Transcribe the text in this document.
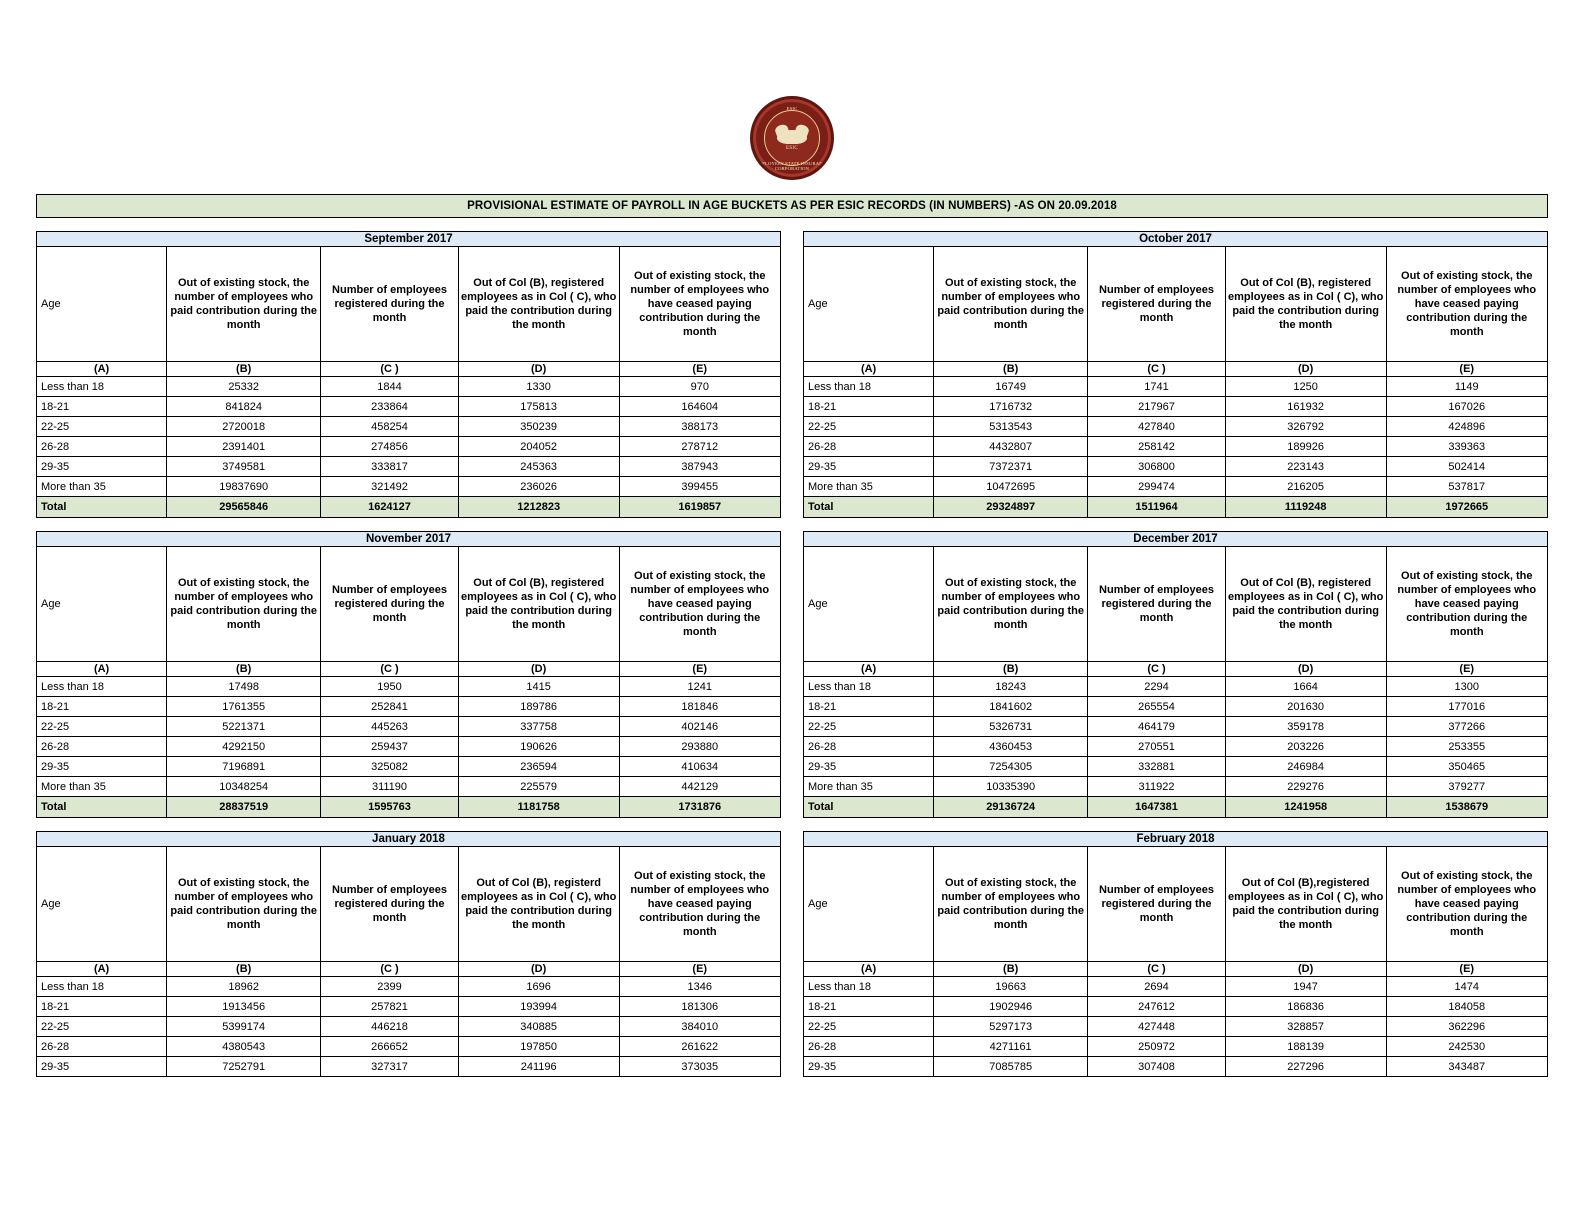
ESIC
ESIC
EMPLOYEES STATE INSURANCE CORPORATION
PROVISIONAL ESTIMATE OF PAYROLL IN AGE BUCKETS AS PER ESIC RECORDS (IN NUMBERS) -AS ON 20.09.2018
September 2017				
Age	Out of existing stock, the number of employees who paid contribution during the month	Number of employees registered during the month	Out of Col (B), registered employees as in Col ( C), who paid the contribution during the month	Out of existing stock, the number of employees who have ceased paying contribution during the month
(A)	(B)	(C )	(D)	(E)
Less than 18	25332	1844	1330	970
18-21	841824	233864	175813	164604
22-25	2720018	458254	350239	388173
26-28	2391401	274856	204052	278712
29-35	3749581	333817	245363	387943
More than 35	19837690	321492	236026	399455
Total	29565846	1624127	1212823	1619857
October 2017				
Age	Out of existing stock, the number of employees who paid contribution during the month	Number of employees registered during the month	Out of Col (B), registered employees as in Col ( C), who paid the contribution during the month	Out of existing stock, the number of employees who have ceased paying contribution during the month
(A)	(B)	(C )	(D)	(E)
Less than 18	16749	1741	1250	1149
18-21	1716732	217967	161932	167026
22-25	5313543	427840	326792	424896
26-28	4432807	258142	189926	339363
29-35	7372371	306800	223143	502414
More than 35	10472695	299474	216205	537817
Total	29324897	1511964	1119248	1972665
November 2017				
Age	Out of existing stock, the number of employees who paid contribution during the month	Number of employees registered during the month	Out of Col (B), registered employees as in Col ( C), who paid the contribution during the month	Out of existing stock, the number of employees who have ceased paying contribution during the month
(A)	(B)	(C )	(D)	(E)
Less than 18	17498	1950	1415	1241
18-21	1761355	252841	189786	181846
22-25	5221371	445263	337758	402146
26-28	4292150	259437	190626	293880
29-35	7196891	325082	236594	410634
More than 35	10348254	311190	225579	442129
Total	28837519	1595763	1181758	1731876
December 2017				
Age	Out of existing stock, the number of employees who paid contribution during the month	Number of employees registered during the month	Out of Col (B), registered employees as in Col ( C), who paid the contribution during the month	Out of existing stock, the number of employees who have ceased paying contribution during the month
(A)	(B)	(C )	(D)	(E)
Less than 18	18243	2294	1664	1300
18-21	1841602	265554	201630	177016
22-25	5326731	464179	359178	377266
26-28	4360453	270551	203226	253355
29-35	7254305	332881	246984	350465
More than 35	10335390	311922	229276	379277
Total	29136724	1647381	1241958	1538679
January 2018				
Age	Out of existing stock, the number of employees who paid contribution during the month	Number of employees registered during the month	Out of Col (B), registerd employees as in Col ( C), who paid the contribution during the month	Out of existing stock, the number of employees who have ceased paying contribution during the month
(A)	(B)	(C )	(D)	(E)
Less than 18	18962	2399	1696	1346
18-21	1913456	257821	193994	181306
22-25	5399174	446218	340885	384010
26-28	4380543	266652	197850	261622
29-35	7252791	327317	241196	373035
February 2018				
Age	Out of existing stock, the number of employees who paid contribution during the month	Number of employees registered during the month	Out of Col (B),registered employees as in Col ( C), who paid the contribution during the month	Out of existing stock, the number of employees who have ceased paying contribution during the month
(A)	(B)	(C )	(D)	(E)
Less than 18	19663	2694	1947	1474
18-21	1902946	247612	186836	184058
22-25	5297173	427448	328857	362296
26-28	4271161	250972	188139	242530
29-35	7085785	307408	227296	343487
